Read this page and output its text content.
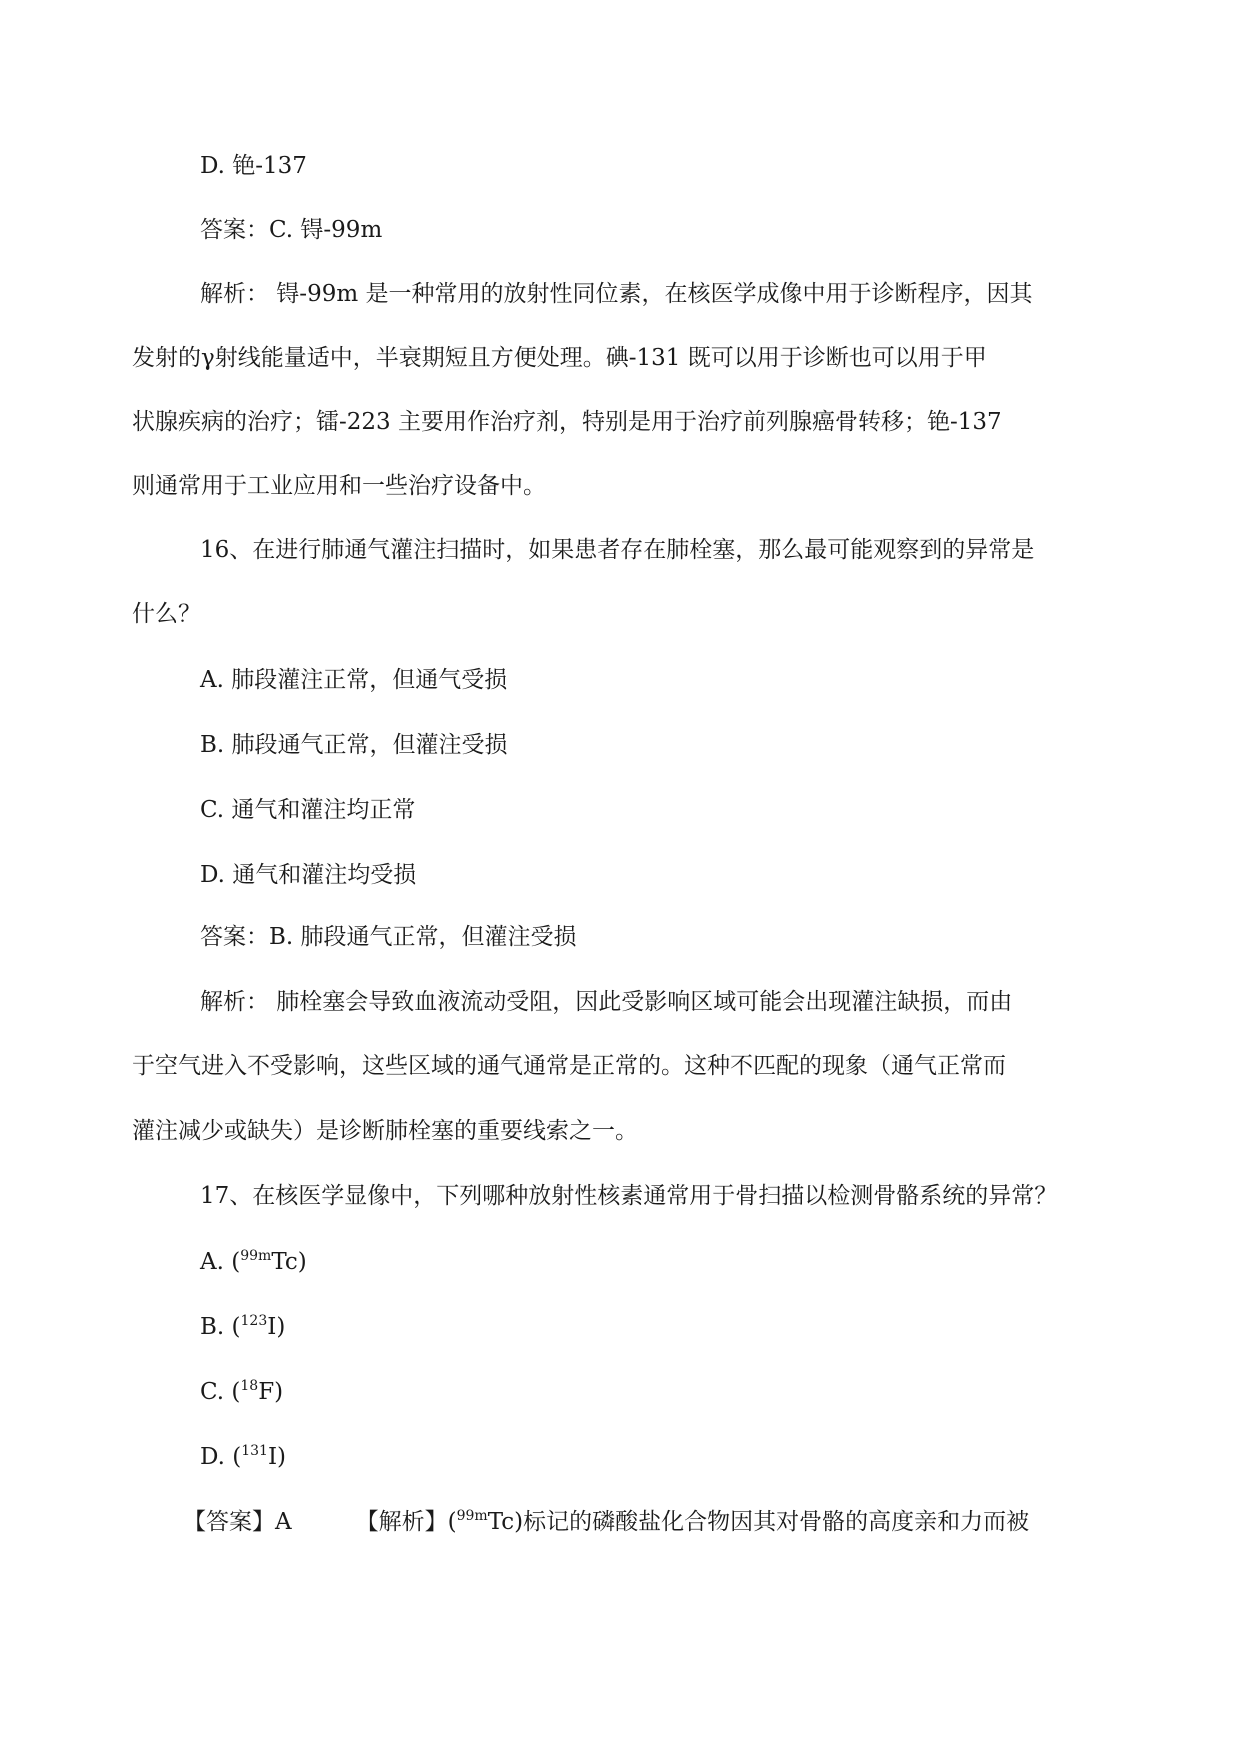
D. 铯-137
答案：C. 锝-99m
解析： 锝-99m 是一种常用的放射性同位素，在核医学成像中用于诊断程序，因其
发射的γ射线能量适中，半衰期短且方便处理。碘-131 既可以用于诊断也可以用于甲
状腺疾病的治疗；镭-223 主要用作治疗剂，特别是用于治疗前列腺癌骨转移；铯-137
则通常用于工业应用和一些治疗设备中。
16、在进行肺通气灌注扫描时，如果患者存在肺栓塞，那么最可能观察到的异常是
什么？
A. 肺段灌注正常，但通气受损
B. 肺段通气正常，但灌注受损
C. 通气和灌注均正常
D. 通气和灌注均受损
答案：B. 肺段通气正常，但灌注受损
解析： 肺栓塞会导致血液流动受阻，因此受影响区域可能会出现灌注缺损，而由
于空气进入不受影响，这些区域的通气通常是正常的。这种不匹配的现象（通气正常而
灌注减少或缺失）是诊断肺栓塞的重要线索之一。
17、在核医学显像中，下列哪种放射性核素通常用于骨扫描以检测骨骼系统的异常？
A. ($^{99m}$Tc)
B. ($^{123}$I)
C. ($^{18}$F)
D. ($^{131}$I)
【答案】A	【解析】($^{99m}$Tc)标记的磷酸盐化合物因其对骨骼的高度亲和力而被
